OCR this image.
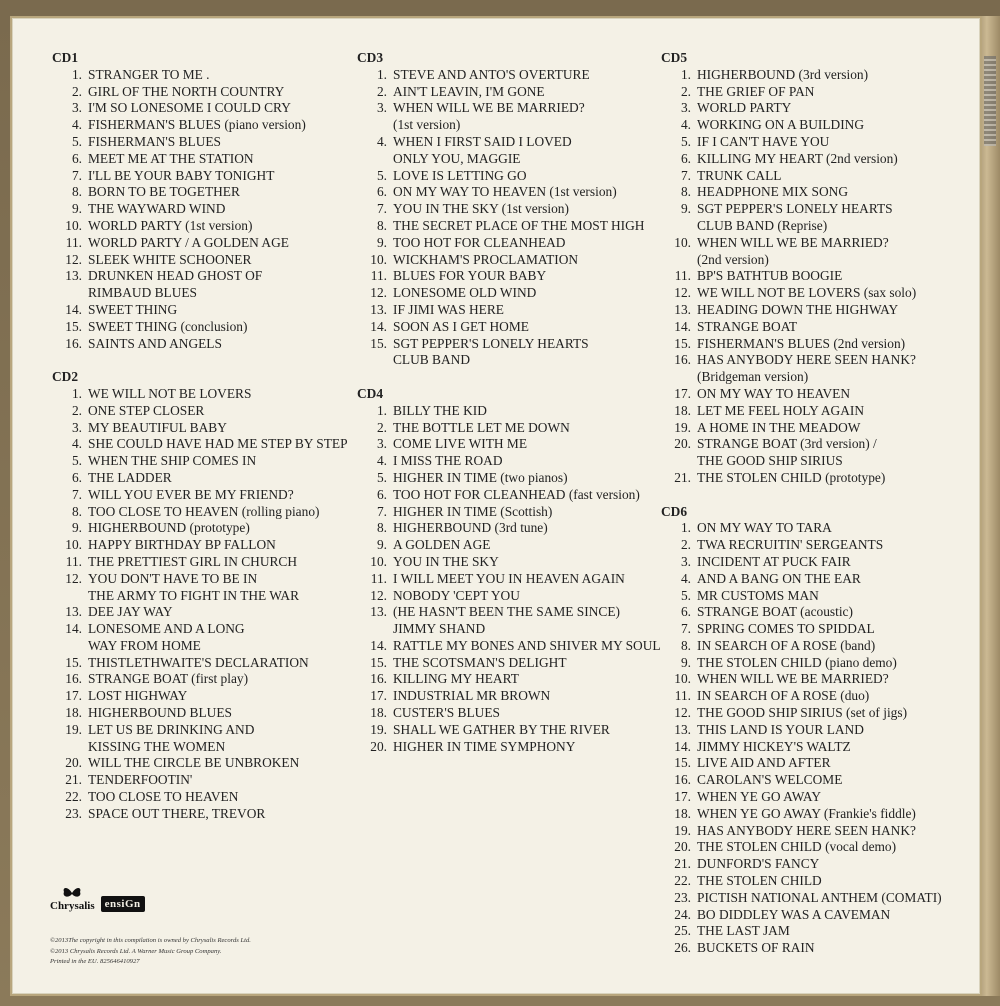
CD1
1. STRANGER TO ME .
2. GIRL OF THE NORTH COUNTRY
3. I'M SO LONESOME I COULD CRY
4. FISHERMAN'S BLUES (piano version)
5. FISHERMAN'S BLUES
6. MEET ME AT THE STATION
7. I'LL BE YOUR BABY TONIGHT
8. BORN TO BE TOGETHER
9. THE WAYWARD WIND
10. WORLD PARTY (1st version)
11. WORLD PARTY / A GOLDEN AGE
12. SLEEK WHITE SCHOONER
13. DRUNKEN HEAD GHOST OF
RIMBAUD BLUES
14. SWEET THING
15. SWEET THING (conclusion)
16. SAINTS AND ANGELS
CD2
1. WE WILL NOT BE LOVERS
2. ONE STEP CLOSER
3. MY BEAUTIFUL BABY
4. SHE COULD HAVE HAD ME STEP BY STEP
5. WHEN THE SHIP COMES IN
6. THE LADDER
7. WILL YOU EVER BE MY FRIEND?
8. TOO CLOSE TO HEAVEN (rolling piano)
9. HIGHERBOUND (prototype)
10. HAPPY BIRTHDAY BP FALLON
11. THE PRETTIEST GIRL IN CHURCH
12. YOU DON'T HAVE TO BE IN
THE ARMY TO FIGHT IN THE WAR
13. DEE JAY WAY
14. LONESOME AND A LONG
WAY FROM HOME
15. THISTLETHWAITE'S DECLARATION
16. STRANGE BOAT (first play)
17. LOST HIGHWAY
18. HIGHERBOUND BLUES
19. LET US BE DRINKING AND
KISSING THE WOMEN
20. WILL THE CIRCLE BE UNBROKEN
21. TENDERFOOTIN'
22. TOO CLOSE TO HEAVEN
23. SPACE OUT THERE, TREVOR
CD3
1. STEVE AND ANTO'S OVERTURE
2. AIN'T LEAVIN, I'M GONE
3. WHEN WILL WE BE MARRIED?
(1st version)
4. WHEN I FIRST SAID I LOVED
ONLY YOU, MAGGIE
5. LOVE IS LETTING GO
6. ON MY WAY TO HEAVEN (1st version)
7. YOU IN THE SKY (1st version)
8. THE SECRET PLACE OF THE MOST HIGH
9. TOO HOT FOR CLEANHEAD
10. WICKHAM'S PROCLAMATION
11. BLUES FOR YOUR BABY
12. LONESOME OLD WIND
13. IF JIMI WAS HERE
14. SOON AS I GET HOME
15. SGT PEPPER'S LONELY HEARTS
CLUB BAND
CD4
1. BILLY THE KID
2. THE BOTTLE LET ME DOWN
3. COME LIVE WITH ME
4. I MISS THE ROAD
5. HIGHER IN TIME (two pianos)
6. TOO HOT FOR CLEANHEAD (fast version)
7. HIGHER IN TIME (Scottish)
8. HIGHERBOUND (3rd tune)
9. A GOLDEN AGE
10. YOU IN THE SKY
11. I WILL MEET YOU IN HEAVEN AGAIN
12. NOBODY 'CEPT YOU
13. (HE HASN'T BEEN THE SAME SINCE)
JIMMY SHAND
14. RATTLE MY BONES AND SHIVER MY SOUL
15. THE SCOTSMAN'S DELIGHT
16. KILLING MY HEART
17. INDUSTRIAL MR BROWN
18. CUSTER'S BLUES
19. SHALL WE GATHER BY THE RIVER
20. HIGHER IN TIME SYMPHONY
CD5
1. HIGHERBOUND (3rd version)
2. THE GRIEF OF PAN
3. WORLD PARTY
4. WORKING ON A BUILDING
5. IF I CAN'T HAVE YOU
6. KILLING MY HEART (2nd version)
7. TRUNK CALL
8. HEADPHONE MIX SONG
9. SGT PEPPER'S LONELY HEARTS
CLUB BAND (Reprise)
10. WHEN WILL WE BE MARRIED?
(2nd version)
11. BP'S BATHTUB BOOGIE
12. WE WILL NOT BE LOVERS (sax solo)
13. HEADING DOWN THE HIGHWAY
14. STRANGE BOAT
15. FISHERMAN'S BLUES (2nd version)
16. HAS ANYBODY HERE SEEN HANK?
(Bridgeman version)
17. ON MY WAY TO HEAVEN
18. LET ME FEEL HOLY AGAIN
19. A HOME IN THE MEADOW
20. STRANGE BOAT (3rd version) /
THE GOOD SHIP SIRIUS
21. THE STOLEN CHILD (prototype)
CD6
1. ON MY WAY TO TARA
2. TWA RECRUITIN' SERGEANTS
3. INCIDENT AT PUCK FAIR
4. AND A BANG ON THE EAR
5. MR CUSTOMS MAN
6. STRANGE BOAT (acoustic)
7. SPRING COMES TO SPIDDAL
8. IN SEARCH OF A ROSE (band)
9. THE STOLEN CHILD (piano demo)
10. WHEN WILL WE BE MARRIED?
11. IN SEARCH OF A ROSE (duo)
12. THE GOOD SHIP SIRIUS (set of jigs)
13. THIS LAND IS YOUR LAND
14. JIMMY HICKEY'S WALTZ
15. LIVE AID AND AFTER
16. CAROLAN'S WELCOME
17. WHEN YE GO AWAY
18. WHEN YE GO AWAY (Frankie's fiddle)
19. HAS ANYBODY HERE SEEN HANK?
20. THE STOLEN CHILD (vocal demo)
21. DUNFORD'S FANCY
22. THE STOLEN CHILD
23. PICTISH NATIONAL ANTHEM (COMATI)
24. BO DIDDLEY WAS A CAVEMAN
25. THE LAST JAM
26. BUCKETS OF RAIN
Chrysalis ensiGn
©2013The copyright in this compilation is owned by Chrysalis Records Ltd.
©2013 Chrysalis Records Ltd. A Warner Music Group Company.
Printed in the EU. 825646410927
